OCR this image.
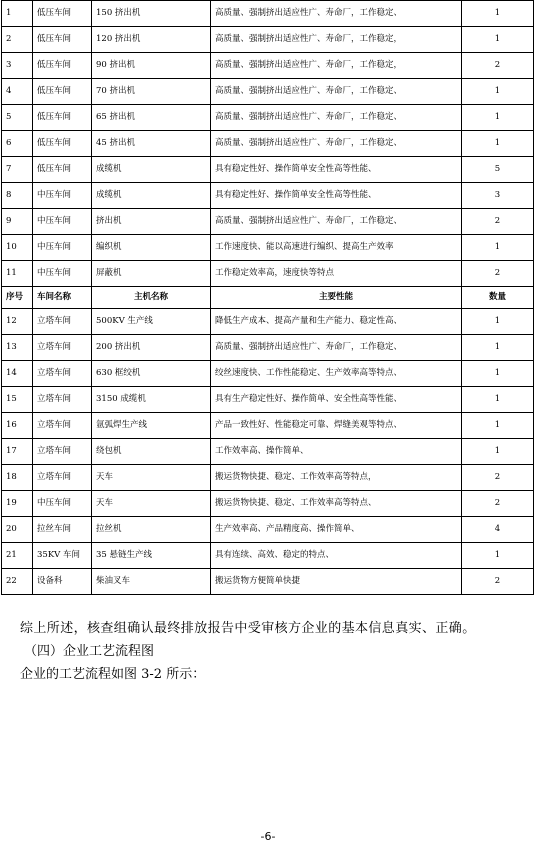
1	低压车间	150 挤出机	高质量、强制挤出适应性广、寿命厂，工作稳定、	1
2	低压车间	120 挤出机	高质量、强制挤出适应性广、寿命厂，工作稳定，	1
3	低压车间	90 挤出机	高质量、强制挤出适应性广、寿命厂，工作稳定，	2
4	低压车间	70 挤出机	高质量、强制挤出适应性广、寿命厂，工作稳定、	1
5	低压车间	65 挤出机	高质量、强制挤出适应性广、寿命厂，工作稳定、	1
6	低压车间	45 挤出机	高质量、强制挤出适应性广、寿命厂，工作稳定、	1
7	低压车间	成缆机	具有稳定性好、操作简单安全性高等性能、	5
8	中压车间	成缆机	具有稳定性好、操作简单安全性高等性能、	3
9	中压车间	挤出机	高质量、强制挤出适应性广、寿命厂，工作稳定、	2
10	中压车间	编织机	工作速度快、能以高速进行编织、提高生产效率	1
11	中压车间	屏蔽机	工作稳定效率高，速度快等特点	2
序号	车间名称	主机名称	主要性能	数量
12	立塔车间	500KV 生产线	降低生产成本、提高产量和生产能力、稳定性高、	1
13	立塔车间	200 挤出机	高质量、强制挤出适应性广、寿命厂，工作稳定、	1
14	立塔车间	630 框绞机	绞丝速度快、工作性能稳定、生产效率高等特点、	1
15	立塔车间	3150 成缆机	具有生产稳定性好、操作简单、安全性高等性能、	1
16	立塔车间	氩弧焊生产线	产品一致性好、性能稳定可靠、焊缝美观等特点、	1
17	立塔车间	绕包机	工作效率高、操作简单、	1
18	立塔车间	天车	搬运货物快捷、稳定、工作效率高等特点，	2
19	中压车间	天车	搬运货物快捷、稳定、工作效率高等特点、	2
20	拉丝车间	拉丝机	生产效率高、产品精度高、操作简单、	4
21	35KV 车间	35 悬链生产线	具有连续、高效、稳定的特点、	1
22	设备科	柴油叉车	搬运货物方便简单快捷	2
综上所述，核查组确认最终排放报告中受审核方企业的基本信息真实、正确。
（四）企业工艺流程图
企业的工艺流程如图 3-2 所示：
-6-
